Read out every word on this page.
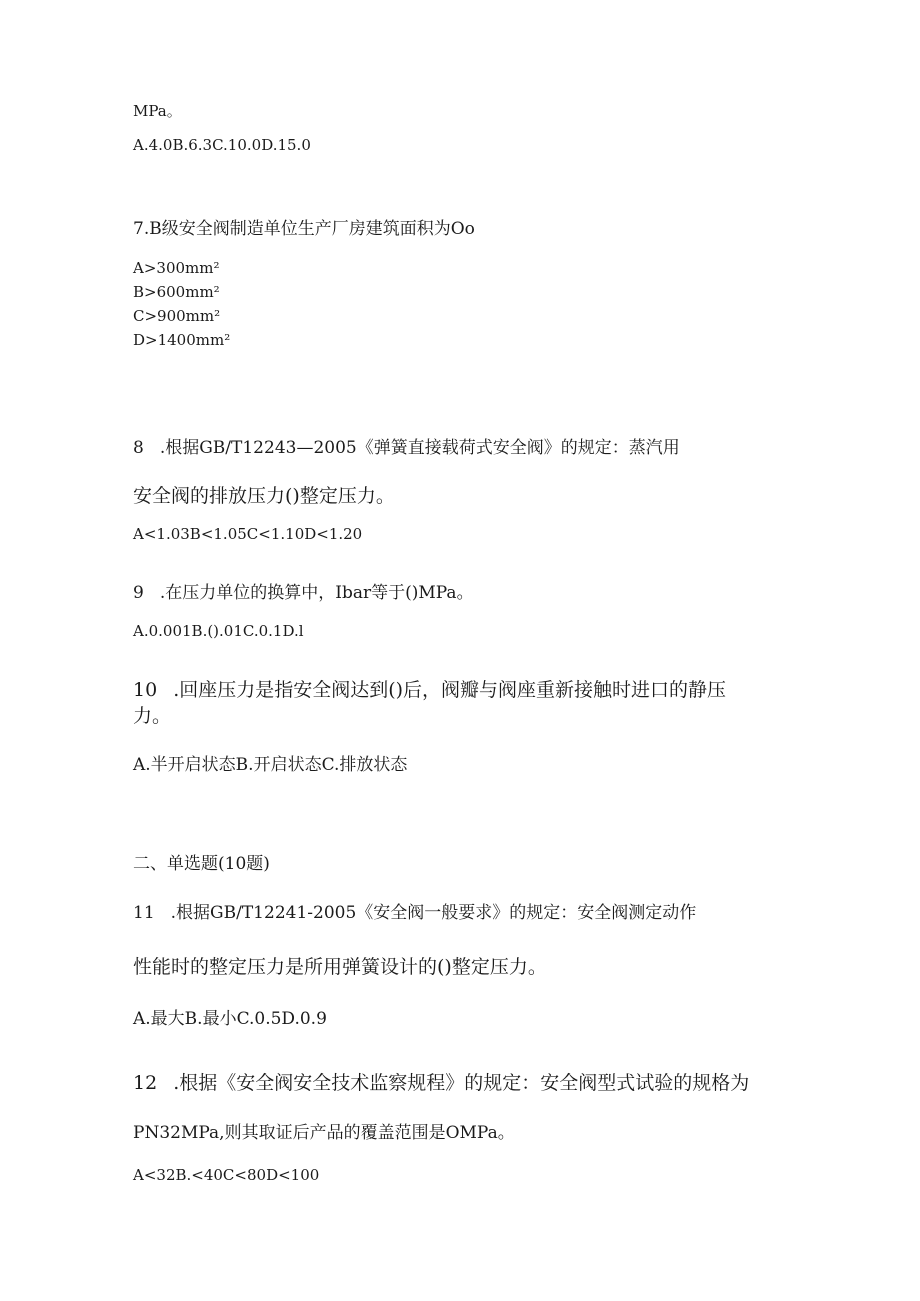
MPa。
A.4.0B.6.3C.10.0D.15.0
7.B级安全阀制造单位生产厂房建筑面积为Oo
A>300mm²
B>600mm²
C>900mm²
D>1400mm²
8 .根据GB/T12243—2005《弹簧直接载荷式安全阀》的规定：蒸汽用
安全阀的排放压力()整定压力。
A<1.03B<1.05C<1.10D<1.20
9 .在压力单位的换算中，Ibar等于()MPa。
A.0.001B.().01C.0.1D.l
10 .回座压力是指安全阀达到()后，阀瓣与阀座重新接触时进口的静压
力。
A.半开启状态B.开启状态C.排放状态
二、单选题(10题)
11 .根据GB/T12241-2005《安全阀一般要求》的规定：安全阀测定动作
性能时的整定压力是所用弹簧设计的()整定压力。
A.最大B.最小C.0.5D.0.9
12 .根据《安全阀安全技术监察规程》的规定：安全阀型式试验的规格为
PN32MPa,则其取证后产品的覆盖范围是OMPa。
A<32B.<40C<80D<100
